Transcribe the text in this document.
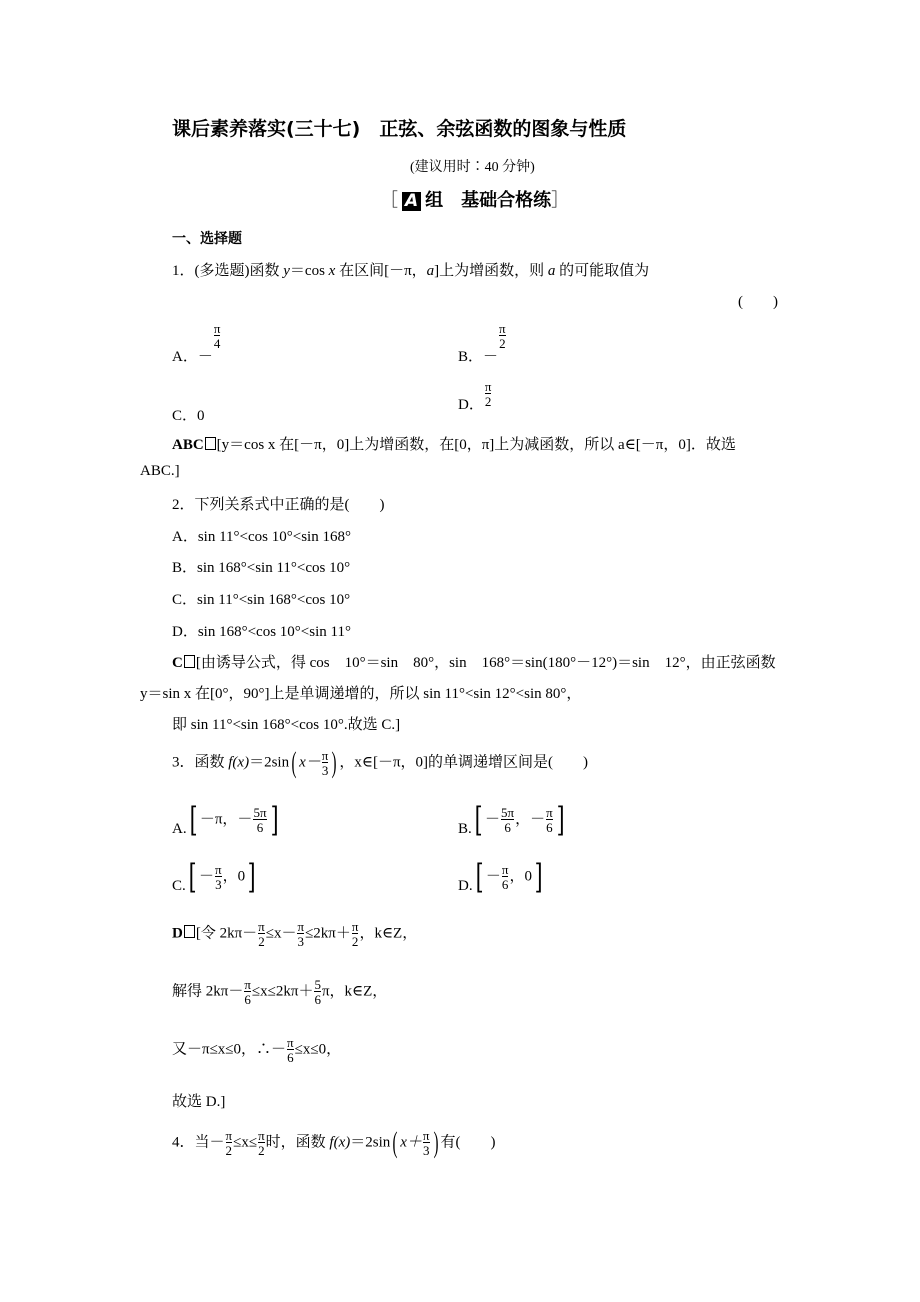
课后素养落实(三十七)　正弦、余弦函数的图象与性质
(建议用时∶40 分钟)
［ A 组　基础合格练］
一、选择题
1．(多选题)函数 y＝cos x 在区间[－π，a]上为增函数，则 a 的可能取值为
(　　)
A．－
$\frac{\pi}{4}$
B．－
$\frac{\pi}{2}$
C．0
D． $\frac{\pi}{2}$
ABC [y＝cos x 在[－π，0]上为增函数，在[0，π]上为减函数，所以 a∈[－π，0]．故选
ABC.]
2．下列关系式中正确的是(　　)
A．sin 11°<cos 10°<sin 168°
B．sin 168°<sin 11°<cos 10°
C．sin 11°<sin 168°<cos 10°
D．sin 168°<cos 10°<sin 11°
C [由诱导公式，得 cos　10°＝sin　80°，sin　168°＝sin(180°－12°)＝sin　12°，由正弦函数
y＝sin x 在[0°，90°]上是单调递增的，所以 sin 11°<sin 12°<sin 80°，
即 sin 11°<sin 168°<cos 10°.故选 C.]
3．函数 f(x)＝2sin( $x- \frac{\pi}{3}$ ) ，x∈[－π，0]的单调递增区间是(　　)
A.[ －π，－ $\frac{5\pi}{6}$ ]	$B.[ - \frac{5\pi}{6}$ ，－ $\frac{\pi}{6}$ ]
$C.[ - \frac{\pi}{3}$ ，0]	$D.[ - \frac{\pi}{6}$ ，0]
D [令 $2k\pi- \frac{\pi}{2} \le x- \frac{\pi}{3} \le 2k\pi+ \frac{\pi}{2}$ ，k∈Z，
解得 $2k\pi- \frac{\pi}{6} \le x\le 2k\pi+ \frac{5}{6}$ π，k∈Z，
又－π≤x≤0，∴－ $\frac{\pi}{6} \le x\le 0$，
故选 D.]
4．当－ $\frac{\pi}{2} \le x\le \frac{\pi}{2}$ 时，函数 f(x)＝2sin( $x+ \frac{\pi}{3}$ ) 有(　　)
